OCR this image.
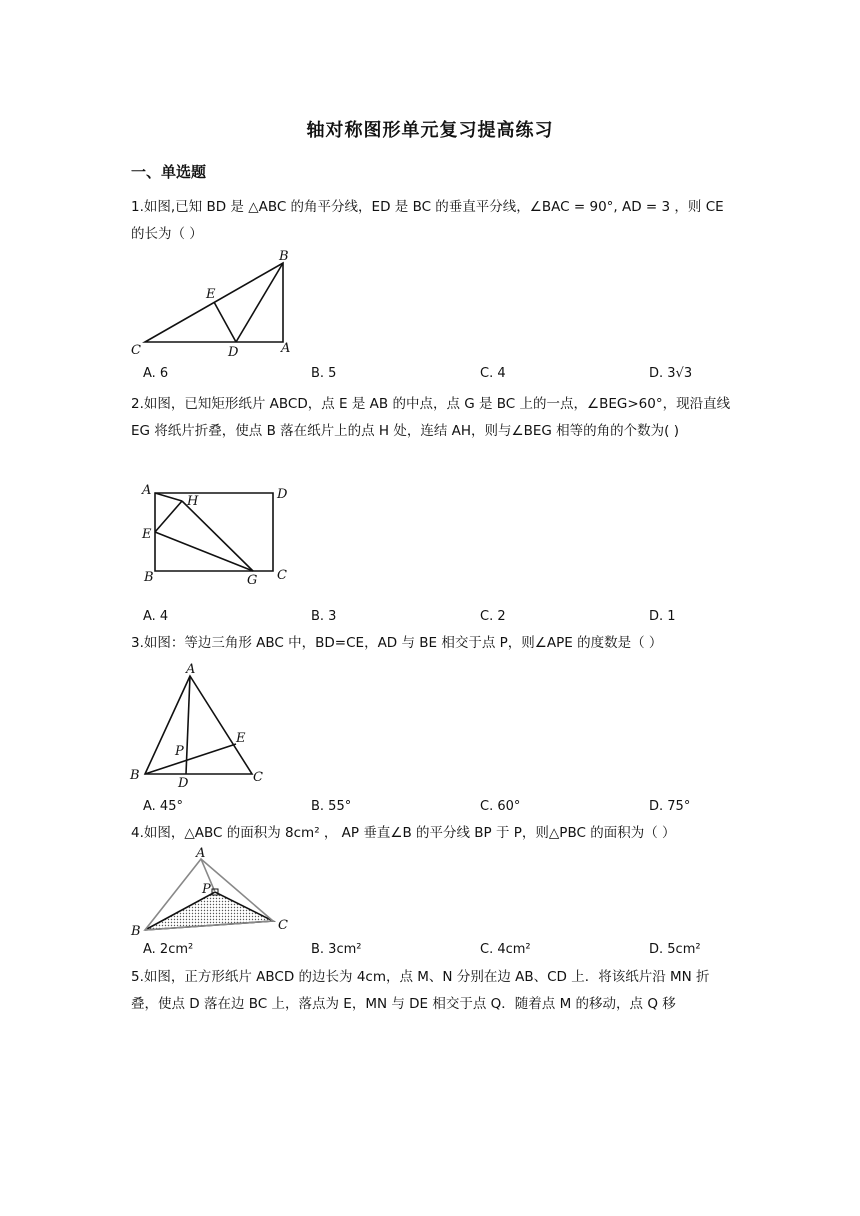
轴对称图形单元复习提高练习
一、单选题
1.如图,已知 BD 是 △ABC 的角平分线，ED 是 BC 的垂直平分线，∠BAC = 90°, AD = 3 ，则 CE 的长为（ ）
B
E
C	D	A
A. 6	B. 5	C. 4	D. 3√3
2.如图，已知矩形纸片 ABCD，点 E 是 AB 的中点，点 G 是 BC 上的一点，∠BEG>60°，现沿直线 EG 将纸片折叠，使点 B 落在纸片上的点 H 处，连结 AH，则与∠BEG 相等的角的个数为( )
A
H	D
E
B	G C
A. 4	B. 3	C. 2	D. 1
3.如图：等边三角形 ABC 中，BD=CE，AD 与 BE 相交于点 P，则∠APE 的度数是（ ）
A
P
E
B
D	C
A. 45°	B. 55°	C. 60°	D. 75°
4.如图，△ABC 的面积为 8cm² ， AP 垂直∠B 的平分线 BP 于 P，则△PBC 的面积为（ ）
A
P
B	C
A. 2cm²	B. 3cm²	C. 4cm²	D. 5cm²
5.如图，正方形纸片 ABCD 的边长为 4cm，点 M、N 分别在边 AB、CD 上．将该纸片沿 MN 折叠，使点 D 落在边 BC 上，落点为 E，MN 与 DE 相交于点 Q．随着点 M 的移动，点 Q 移
